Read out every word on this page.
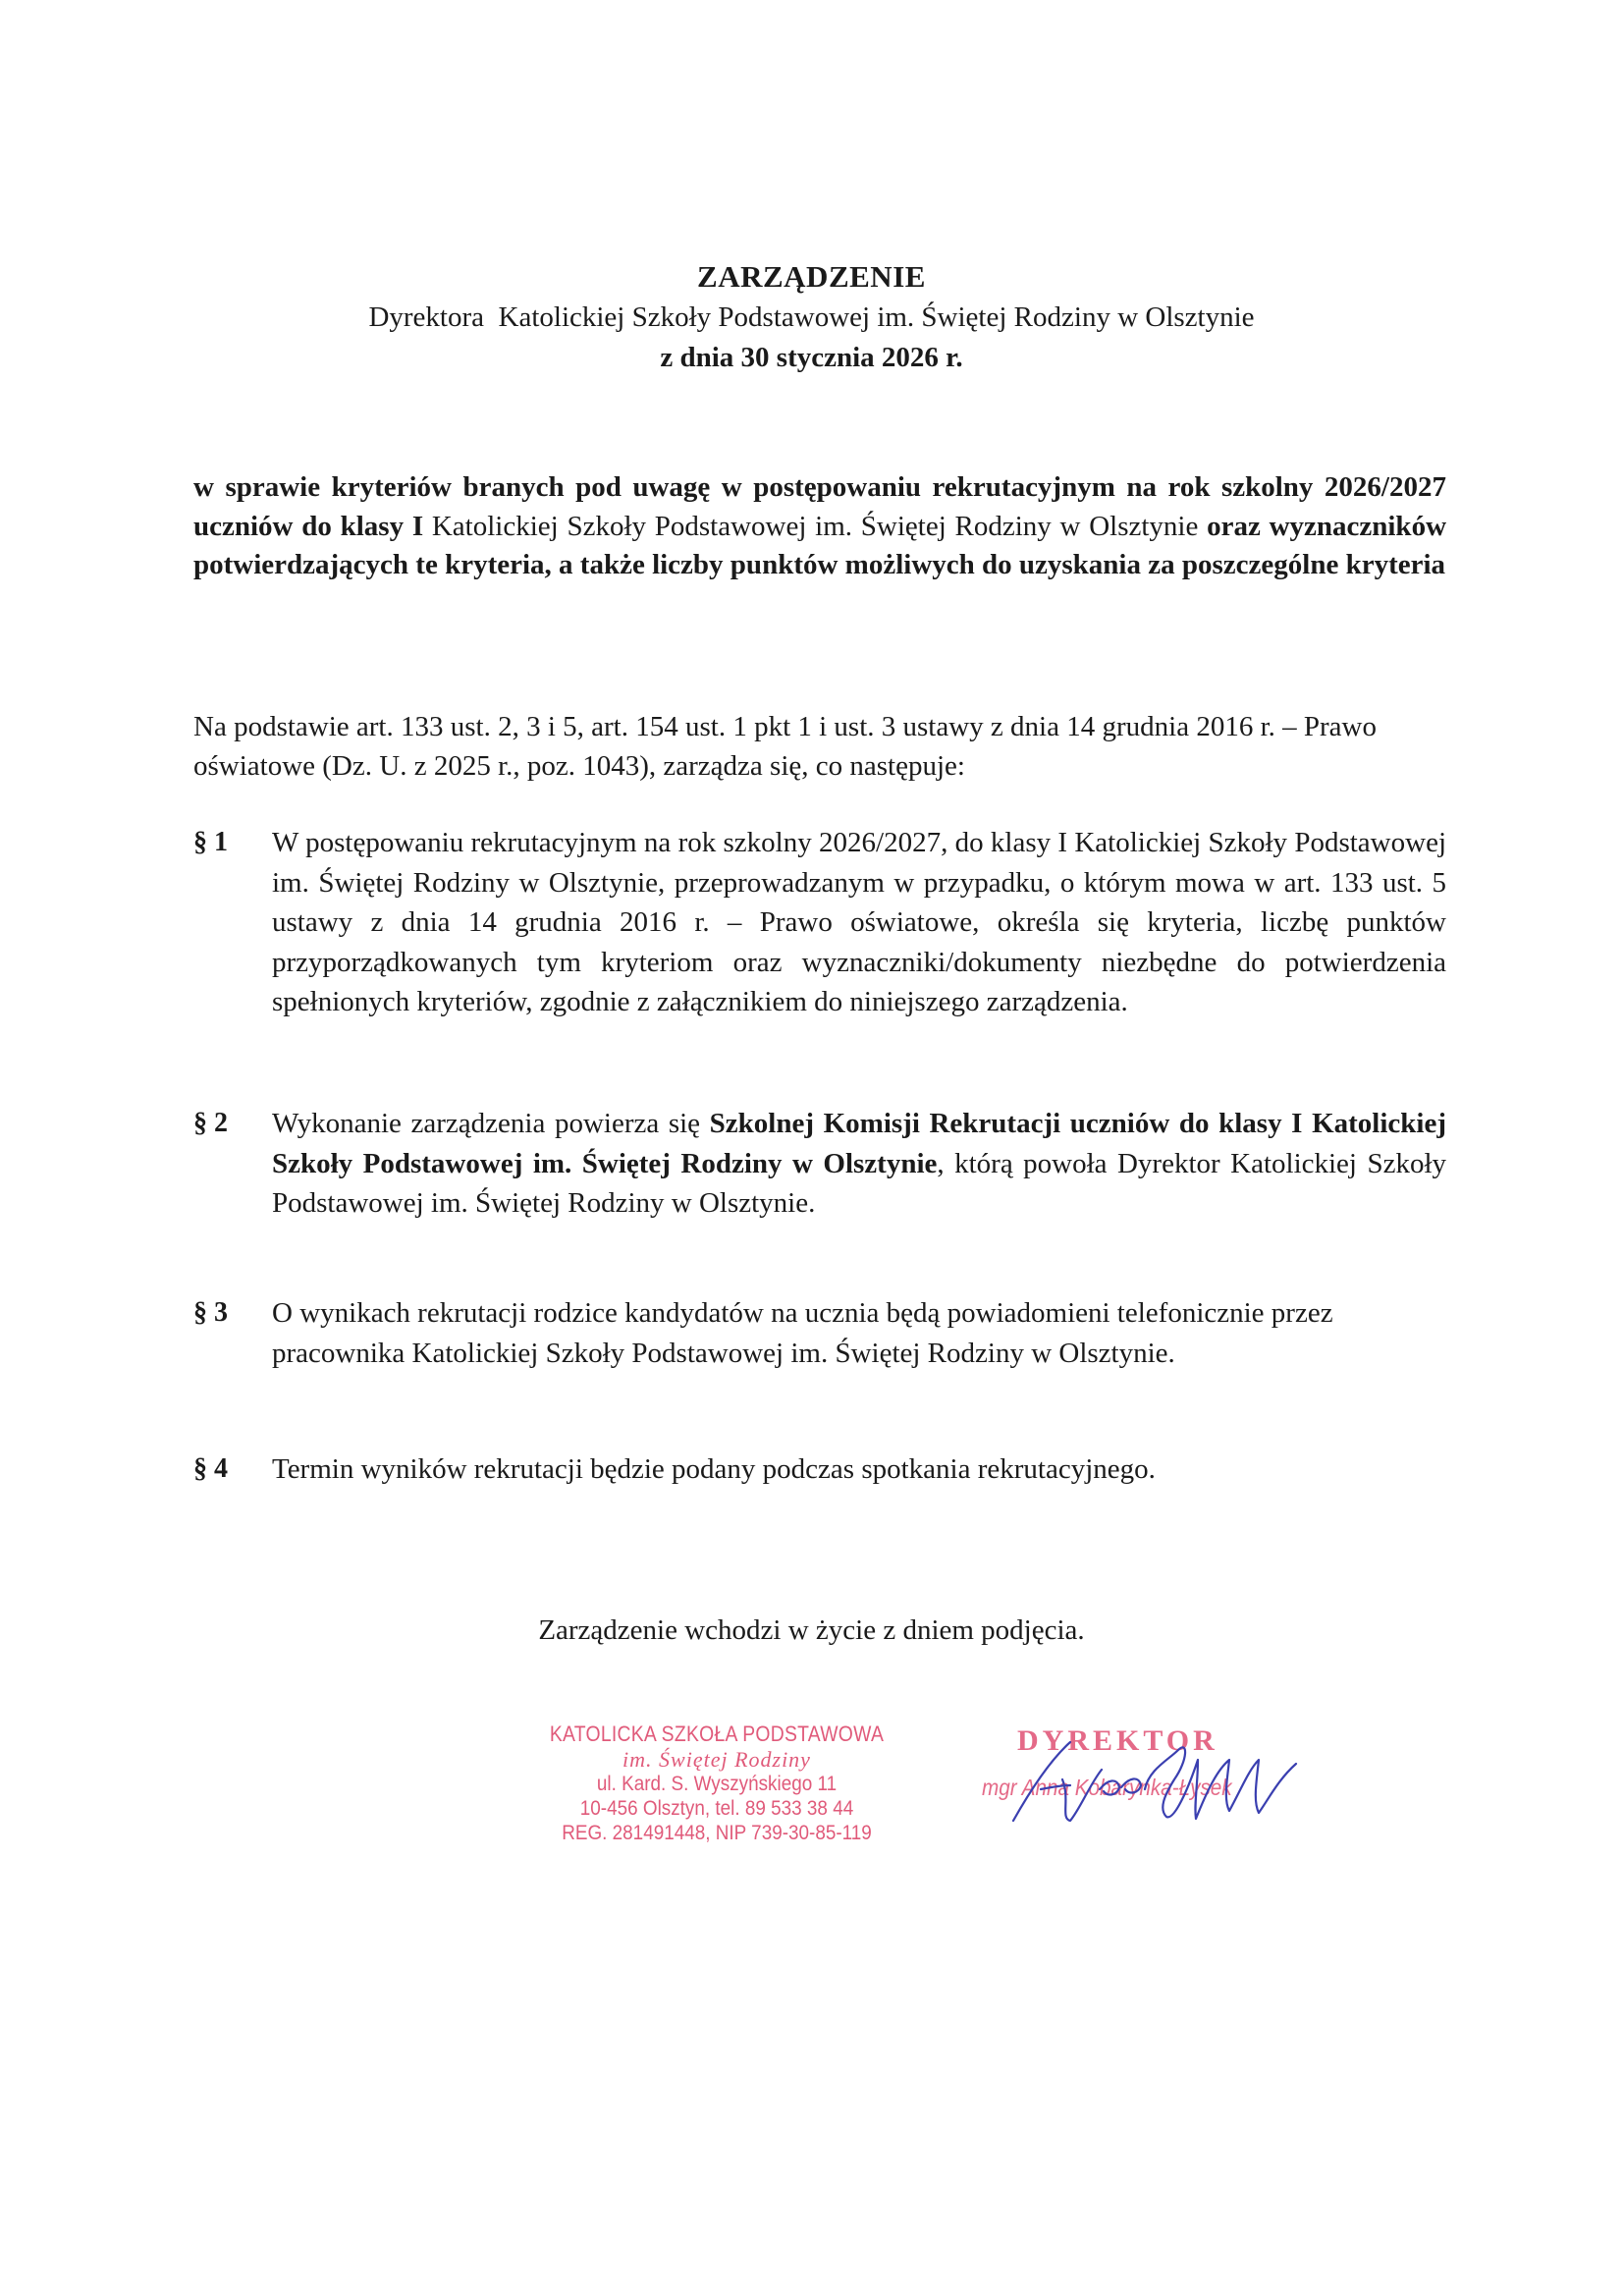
ZARZĄDZENIE
Dyrektora  Katolickiej Szkoły Podstawowej im. Świętej Rodziny w Olsztynie
z dnia 30 stycznia 2026 r.
w sprawie kryteriów branych pod uwagę w postępowaniu rekrutacyjnym na rok szkolny 2026/2027 uczniów do klasy I Katolickiej Szkoły Podstawowej im. Świętej Rodziny w Olsztynie oraz wyznaczników potwierdzających te kryteria, a także liczby punktów możliwych do uzyskania za poszczególne kryteria
Na podstawie art. 133 ust. 2, 3 i 5, art. 154 ust. 1 pkt 1 i ust. 3 ustawy z dnia 14 grudnia 2016 r. – Prawo oświatowe (Dz. U. z 2025 r., poz. 1043), zarządza się, co następuje:
§ 1 W postępowaniu rekrutacyjnym na rok szkolny 2026/2027, do klasy I Katolickiej Szkoły Podstawowej im. Świętej Rodziny w Olsztynie, przeprowadzanym w przypadku, o którym mowa w art. 133 ust. 5 ustawy z dnia 14 grudnia 2016 r. – Prawo oświatowe, określa się kryteria, liczbę punktów przyporządkowanych tym kryteriom oraz wyznaczniki/dokumenty niezbędne do potwierdzenia spełnionych kryteriów, zgodnie z załącznikiem do niniejszego zarządzenia.
§ 2 Wykonanie zarządzenia powierza się Szkolnej Komisji Rekrutacji uczniów do klasy I Katolickiej Szkoły Podstawowej im. Świętej Rodziny w Olsztynie, którą powoła Dyrektor Katolickiej Szkoły Podstawowej im. Świętej Rodziny w Olsztynie.
§ 3 O wynikach rekrutacji rodzice kandydatów na ucznia będą powiadomieni telefonicznie przez pracownika Katolickiej Szkoły Podstawowej im. Świętej Rodziny w Olsztynie.
§ 4 Termin wyników rekrutacji będzie podany podczas spotkania rekrutacyjnego.
Zarządzenie wchodzi w życie z dniem podjęcia.
KATOLICKA SZKOŁA PODSTAWOWA
im. Świętej Rodziny
ul. Kard. S. Wyszyńskiego 11
10-456 Olsztyn, tel. 89 533 38 44
REG. 281491448, NIP 739-30-85-119
DYREKTOR
mgr Anna Kobarynka-Łysek
